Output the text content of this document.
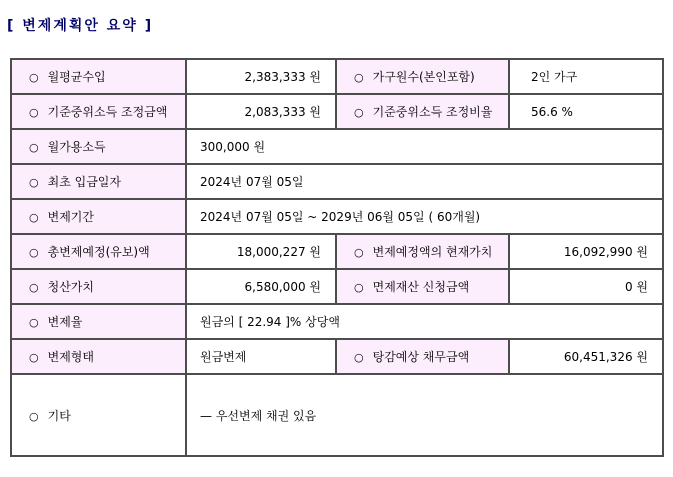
[ 변제계획안 요약 ]
○ 월평균수입	2,383,333 원	○ 가구원수(본인포함)	2인 가구
○ 기준중위소득 조정금액	2,083,333 원	○ 기준중위소득 조정비율	56.6 %
○ 월가용소득	300,000 원		
○ 최초 입금일자	2024년 07월 05일		
○ 변제기간	2024년 07월 05일 ~ 2029년 06월 05일 ( 60개월)		
○ 총변제예정(유보)액	18,000,227 원	○ 변제예정액의 현재가치	16,092,990 원
○ 청산가치	6,580,000 원	○ 면제재산 신청금액	0 원
○ 변제율	원금의 [ 22.94 ]% 상당액		
○ 변제형태	원금변제	○ 탕감예상 채무금액	60,451,326 원
○ 기타	— 우선변제 채권 있음		
